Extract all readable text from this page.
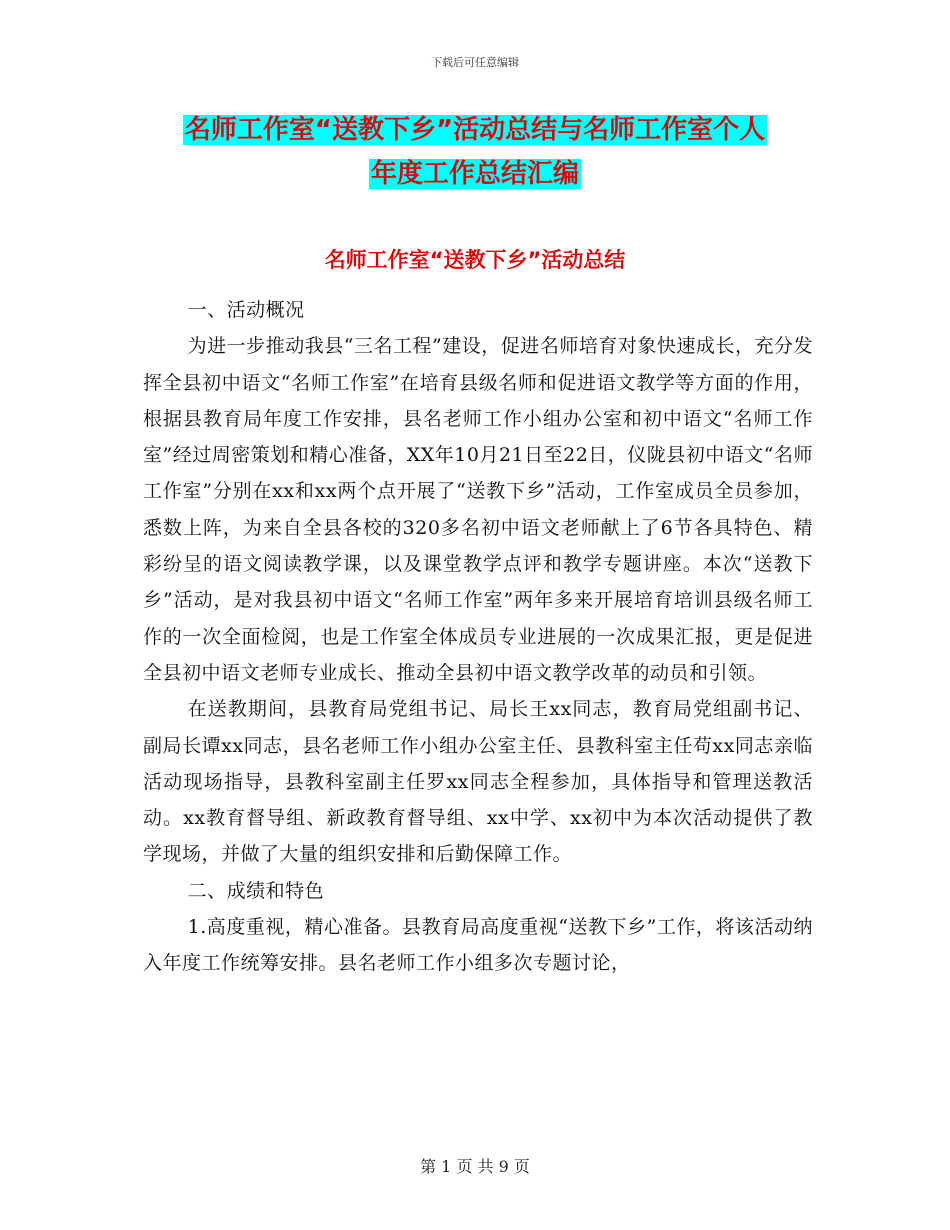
下载后可任意编辑
名师工作室“送教下乡”活动总结与名师工作室个人
年度工作总结汇编
名师工作室“送教下乡”活动总结

一、活动概况

为进一步推动我县“三名工程”建设，促进名师培育对象快速成长，充分发挥全县初中语文“名师工作室”在培育县级名师和促进语文教学等方面的作用，根据县教育局年度工作安排，县名老师工作小组办公室和初中语文“名师工作室”经过周密策划和精心准备，XX年10月21日至22日，仪陇县初中语文“名师工作室”分别在xx和xx两个点开展了“送教下乡”活动，工作室成员全员参加，悉数上阵，为来自全县各校的320多名初中语文老师献上了6节各具特色、精彩纷呈的语文阅读教学课，以及课堂教学点评和教学专题讲座。本次“送教下乡”活动，是对我县初中语文“名师工作室”两年多来开展培育培训县级名师工作的一次全面检阅，也是工作室全体成员专业进展的一次成果汇报，更是促进全县初中语文老师专业成长、推动全县初中语文教学改革的动员和引领。

在送教期间，县教育局党组书记、局长王xx同志，教育局党组副书记、副局长谭xx同志，县名老师工作小组办公室主任、县教科室主任苟xx同志亲临活动现场指导，县教科室副主任罗xx同志全程参加，具体指导和管理送教活动。xx教育督导组、新政教育督导组、xx中学、xx初中为本次活动提供了教学现场，并做了大量的组织安排和后勤保障工作。

二、成绩和特色

1.高度重视，精心准备。县教育局高度重视“送教下乡”工作，将该活动纳入年度工作统筹安排。县名老师工作小组多次专题讨论，

第 1 页 共 9 页
